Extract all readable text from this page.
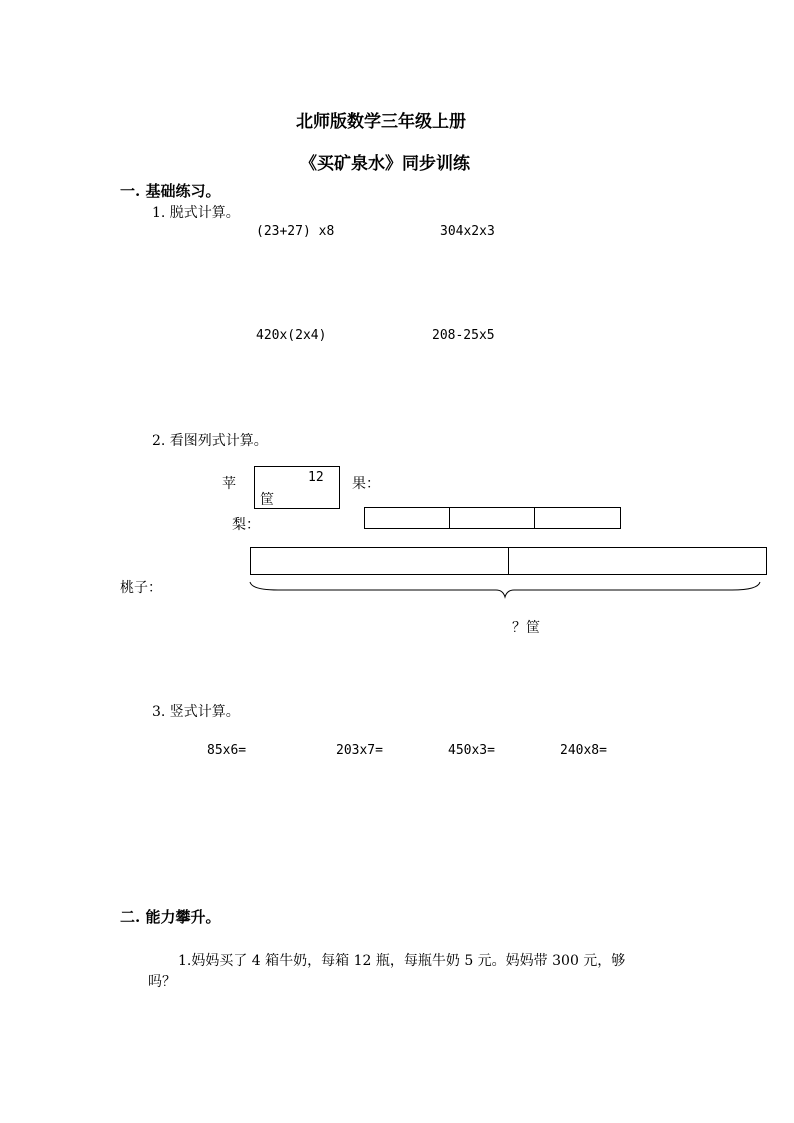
北师版数学三年级上册
《买矿泉水》同步训练
一. 基础练习。
1. 脱式计算。
(23+27) x8	304x2x3
420x(2x4)	208-25x5
2. 看图列式计算。
苹	12
筐
果：
梨：
桃子：
？筐
3. 竖式计算。
85x6=	203x7=	450x3=	240x8=
二. 能力攀升。
1.妈妈买了 4 箱牛奶，每箱 12 瓶，每瓶牛奶 5 元。妈妈带 300 元，够
吗？
